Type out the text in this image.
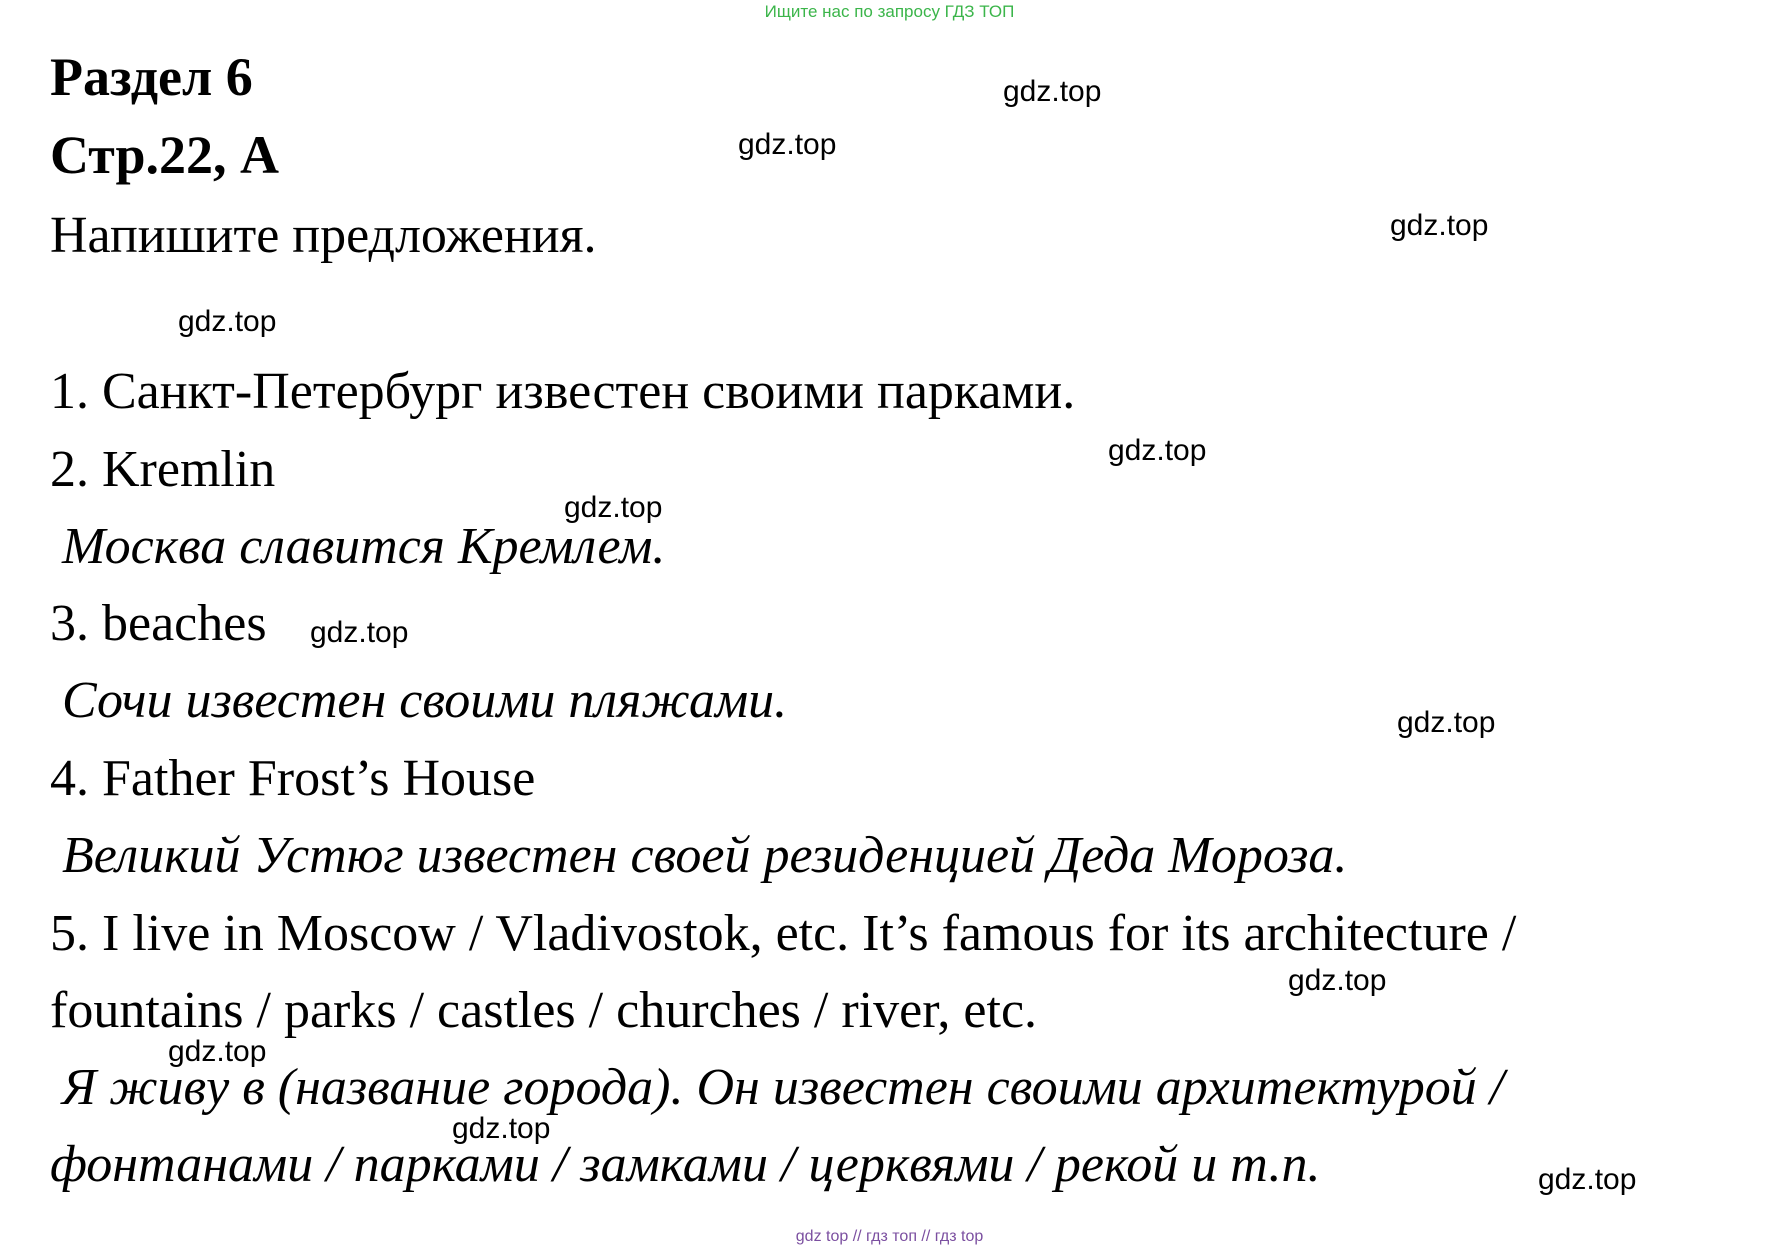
Ищите нас по запросу ГДЗ ТОП
Раздел 6
Стр.22, А
Напишите предложения.
1. Санкт-Петербург известен своими парками.
2. Kremlin
Москва славится Кремлем.
3. beaches
Сочи известен своими пляжами.
4. Father Frost’s House
Великий Устюг известен своей резиденцией Деда Мороза.
5. I live in Moscow / Vladivostok, etc. It’s famous for its architecture /
fountains / parks / castles / churches / river, etc.
Я живу в (название города). Он известен своими архитектурой /
фонтанами / парками / замками / церквями / рекой и т.п.
gdz.top
gdz.top
gdz.top
gdz.top
gdz.top
gdz.top
gdz.top
gdz.top
gdz.top
gdz.top
gdz.top
gdz.top
gdz top // гдз топ // гдз top
